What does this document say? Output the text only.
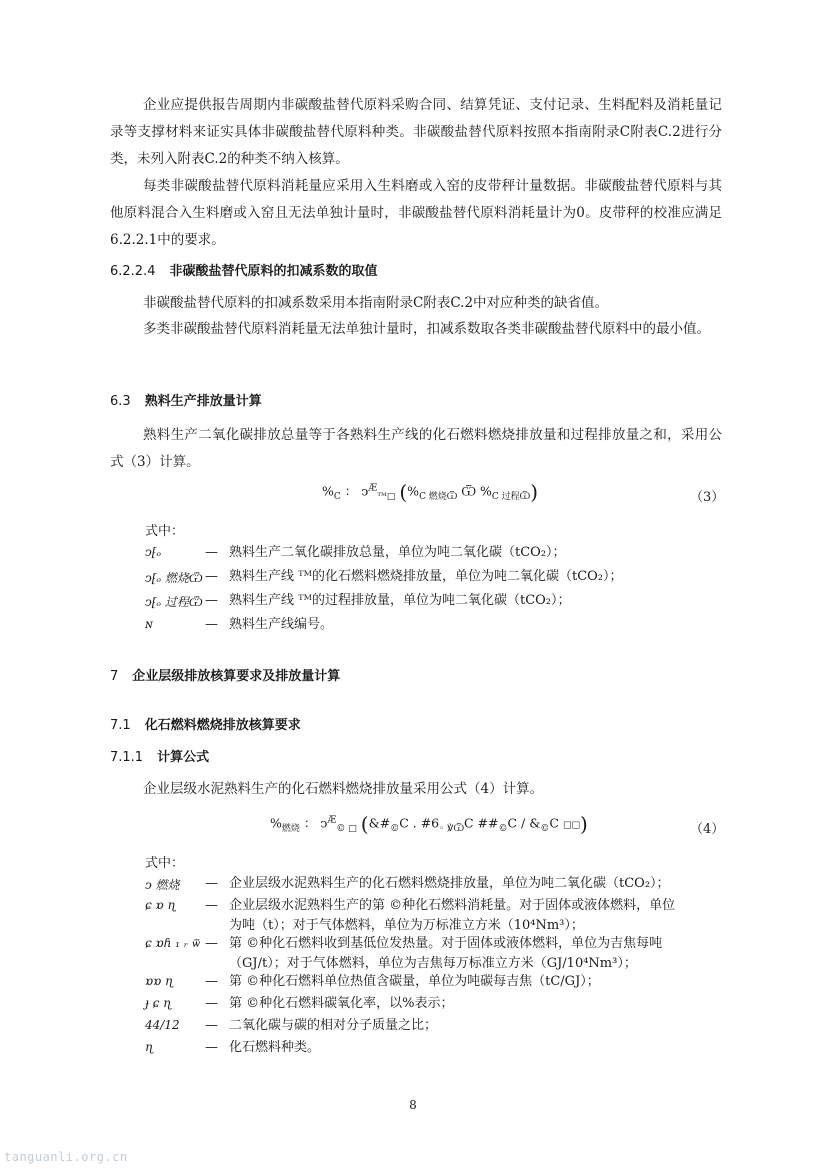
企业应提供报告周期内非碳酸盐替代原料采购合同、结算凭证、支付记录、生料配料及消耗量记录等支撑材料来证实具体非碳酸盐替代原料种类。非碳酸盐替代原料按照本指南附录C附表C.2进行分类，未列入附表C.2的种类不纳入核算。

每类非碳酸盐替代原料消耗量应采用入生料磨或入窑的皮带秤计量数据。非碳酸盐替代原料与其他原料混合入生料磨或入窑且无法单独计量时，非碳酸盐替代原料消耗量计为0。皮带秤的校准应满足6.2.2.1中的要求。

6.2.2.4 非碳酸盐替代原料的扣减系数的取值

非碳酸盐替代原料的扣减系数采用本指南附录C附表C.2中对应种类的缺省值。

多类非碳酸盐替代原料消耗量无法单独计量时，扣减系数取各类非碳酸盐替代原料中的最小值。

6.3 熟料生产排放量计算

熟料生产二氧化碳排放总量等于各熟料生产线的化石燃料燃烧排放量和过程排放量之和，采用公式（3）计算。

$\%_Ⅽ$ ： ↄ$^Æ_{ᵀᴹ□}$ ($\%_{Ⅽ 燃烧Ѿ}$ Ѿ $\%_{Ⅽ 过程Ѿ}$)	（3）
式中：
ↄ⁅ₒ	— 熟料生产二氧化碳排放总量，单位为吨二氧化碳（tCO₂）；
ↄ⁅ₒ 燃烧Ѿ — 熟料生产线 ᵀᴹ的化石燃料燃烧排放量，单位为吨二氧化碳（tCO₂）；
ↄ⁅ₒ 过程Ѿ — 熟料生产线 ᵀᴹ的过程排放量，单位为吨二氧化碳（tCO₂）；
ɴ	— 熟料生产线编号。
7 企业层级排放核算要求及排放量计算
7.1 化石燃料燃烧排放核算要求
7.1.1 计算公式

企业层级水泥熟料生产的化石燃料燃烧排放量采用公式（4）计算。

$\%_{燃烧}$ ： ↄ$^Æ_{© □}$ ($\&\#_©Ⅽ$ . $\#6_{◦ ℣Ѿ}Ⅽ$ $\#\#_©Ⅽ$ / $\&_©Ⅽ$ □□)	（4）
式中：
ↄ 燃烧	— 企业层级水泥熟料生产的化石燃料燃烧排放量，单位为吨二氧化碳（tCO₂）；
ɕ ɒ ɳ	— 企业层级水泥熟料生产的第 ©种化石燃料消耗量。对于固体或液体燃料，单位
为吨（t）；对于气体燃料，单位为万标准立方米（10⁴Nm³）；
ɕ ɒɦ ₁ ᵣ ѿ — 第 ©种化石燃料收到基低位发热量。对于固体或液体燃料，单位为吉焦每吨
（GJ/t）；对于气体燃料，单位为吉焦每万标准立方米（GJ/10⁴Nm³）；
ɒɒ ɳ	— 第 ©种化石燃料单位热值含碳量，单位为吨碳每吉焦（tC/GJ）；
ɟ ɕ ɳ	— 第 ©种化石燃料碳氧化率，以%表示；
44/12	— 二氧化碳与碳的相对分子质量之比；
ɳ	— 化石燃料种类。
8
tanguanli.org.cn
